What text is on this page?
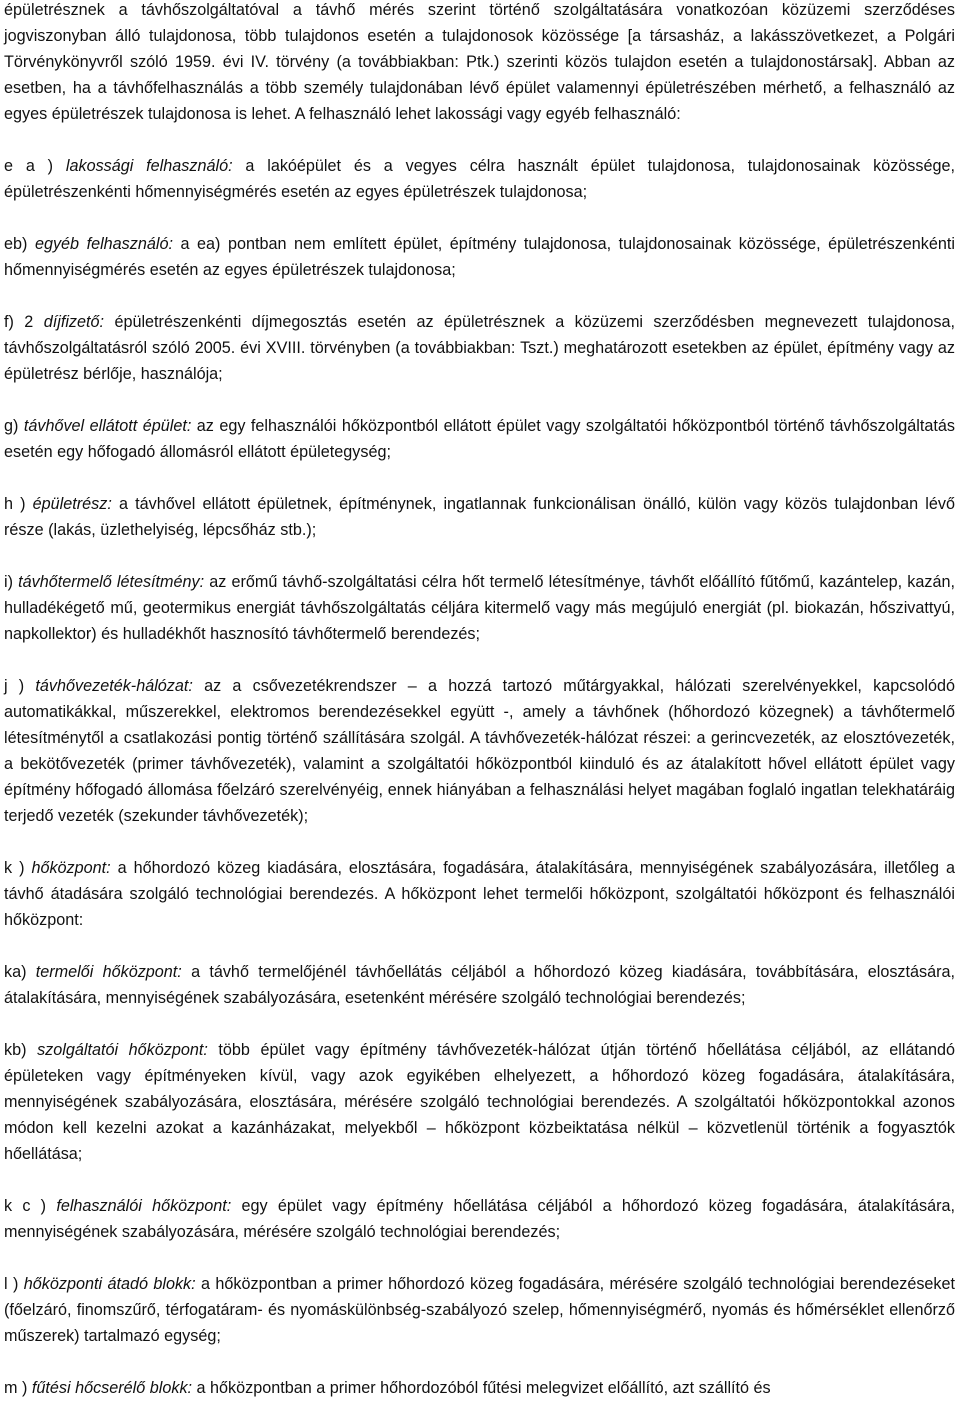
épületrésznek a távhőszolgáltatóval a távhő mérés szerint történő szolgáltatására vonatkozóan közüzemi szerződéses jogviszonyban álló tulajdonosa, több tulajdonos esetén a tulajdonosok közössége [a társasház, a lakásszövetkezet, a Polgári Törvénykönyvről szóló 1959. évi IV. törvény (a továbbiakban: Ptk.) szerinti közös tulajdon esetén a tulajdonostársak]. Abban az esetben, ha a távhőfelhasználás a több személy tulajdonában lévő épület valamennyi épületrészében mérhető, a felhasználó az egyes épületrészek tulajdonosa is lehet. A felhasználó lehet lakossági vagy egyéb felhasználó:

e a ) lakossági felhasználó: a lakóépület és a vegyes célra használt épület tulajdonosa, tulajdonosainak közössége, épületrészenkénti hőmennyiségmérés esetén az egyes épületrészek tulajdonosa;

eb) egyéb felhasználó: a ea) pontban nem említett épület, építmény tulajdonosa, tulajdonosainak közössége, épületrészenkénti hőmennyiségmérés esetén az egyes épületrészek tulajdonosa;

f) 2 díjfizető: épületrészenkénti díjmegosztás esetén az épületrésznek a közüzemi szerződésben megnevezett tulajdonosa, távhőszolgáltatásról szóló 2005. évi XVIII. törvényben (a továbbiakban: Tszt.) meghatározott esetekben az épület, építmény vagy az épületrész bérlője, használója;

g) távhővel ellátott épület: az egy felhasználói hőközpontból ellátott épület vagy szolgáltatói hőközpontból történő távhőszolgáltatás esetén egy hőfogadó állomásról ellátott épületegység;

h ) épületrész: a távhővel ellátott épületnek, építménynek, ingatlannak funkcionálisan önálló, külön vagy közös tulajdonban lévő része (lakás, üzlethelyiség, lépcsőház stb.);

i) távhőtermelő létesítmény: az erőmű távhő-szolgáltatási célra hőt termelő létesítménye, távhőt előállító fűtőmű, kazántelep, kazán, hulladékégető mű, geotermikus energiát távhőszolgáltatás céljára kitermelő vagy más megújuló energiát (pl. biokazán, hőszivattyú, napkollektor) és hulladékhőt hasznosító távhőtermelő berendezés;

j ) távhővezeték-hálózat: az a csővezetékrendszer – a hozzá tartozó műtárgyakkal, hálózati szerelvényekkel, kapcsolódó automatikákkal, műszerekkel, elektromos berendezésekkel együtt -, amely a távhőnek (hőhordozó közegnek) a távhőtermelő létesítménytől a csatlakozási pontig történő szállítására szolgál. A távhővezeték-hálózat részei: a gerincvezeték, az elosztóvezeték, a bekötővezeték (primer távhővezeték), valamint a szolgáltatói hőközpontból kiinduló és az átalakított hővel ellátott épület vagy építmény hőfogadó állomása főelzáró szerelvényéig, ennek hiányában a felhasználási helyet magában foglaló ingatlan telekhatáráig terjedő vezeték (szekunder távhővezeték);

k ) hőközpont: a hőhordozó közeg kiadására, elosztására, fogadására, átalakítására, mennyiségének szabályozására, illetőleg a távhő átadására szolgáló technológiai berendezés. A hőközpont lehet termelői hőközpont, szolgáltatói hőközpont és felhasználói hőközpont:

ka) termelői hőközpont: a távhő termelőjénél távhőellátás céljából a hőhordozó közeg kiadására, továbbítására, elosztására, átalakítására, mennyiségének szabályozására, esetenként mérésére szolgáló technológiai berendezés;

kb) szolgáltatói hőközpont: több épület vagy építmény távhővezeték-hálózat útján történő hőellátása céljából, az ellátandó épületeken vagy építményeken kívül, vagy azok egyikében elhelyezett, a hőhordozó közeg fogadására, átalakítására, mennyiségének szabályozására, elosztására, mérésére szolgáló technológiai berendezés. A szolgáltatói hőközpontokkal azonos módon kell kezelni azokat a kazánházakat, melyekből – hőközpont közbeiktatása nélkül – közvetlenül történik a fogyasztók hőellátása;

k c ) felhasználói hőközpont: egy épület vagy építmény hőellátása céljából a hőhordozó közeg fogadására, átalakítására, mennyiségének szabályozására, mérésére szolgáló technológiai berendezés;

l ) hőközponti átadó blokk: a hőközpontban a primer hőhordozó közeg fogadására, mérésére szolgáló technológiai berendezéseket (főelzáró, finomszűrő, térfogatáram- és nyomáskülönbség-szabályozó szelep, hőmennyiségmérő, nyomás és hőmérséklet ellenőrző műszerek) tartalmazó egység;

m ) fűtési hőcserélő blokk: a hőközpontban a primer hőhordozóból fűtési melegvizet előállító, azt szállító és
